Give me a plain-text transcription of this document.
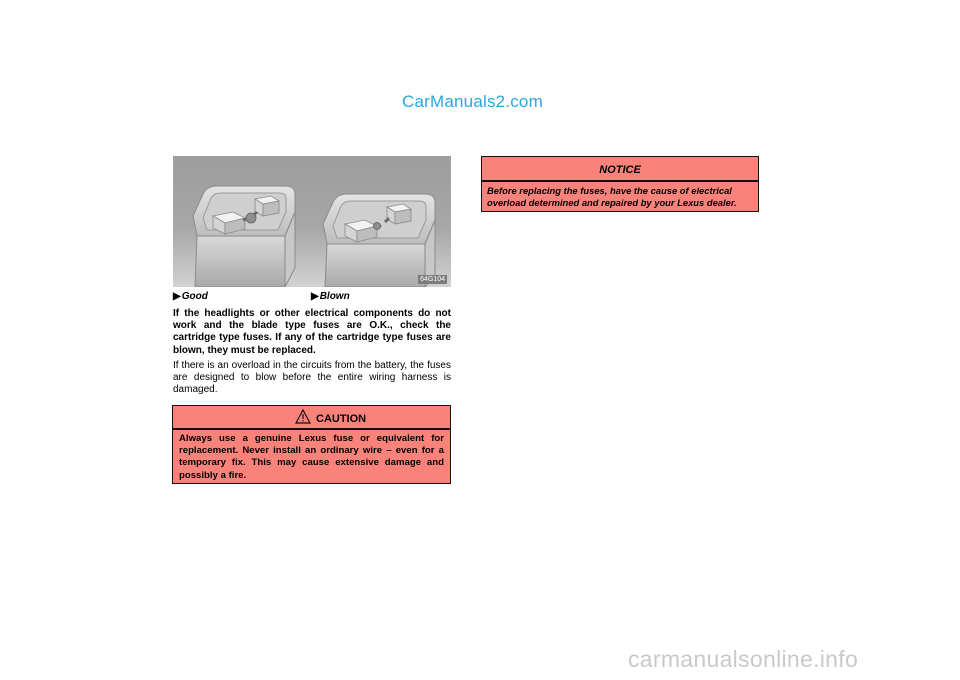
CarManuals2.com
64G104
▶Good	▶Blown
If the headlights or other electrical components do not work and the blade type fuses are O.K., check the cartridge type fuses. If any of the cartridge type fuses are blown, they must be replaced.
If there is an overload in the circuits from the battery, the fuses are designed to blow before the entire wiring harness is damaged.
CAUTION
Always use a genuine Lexus fuse or equivalent for replacement. Never install an ordinary wire – even for a temporary fix. This may cause extensive damage and possibly a fire.
NOTICE
Before replacing the fuses, have the cause of electrical overload determined and repaired by your Lexus dealer.
carmanualsonline.info
